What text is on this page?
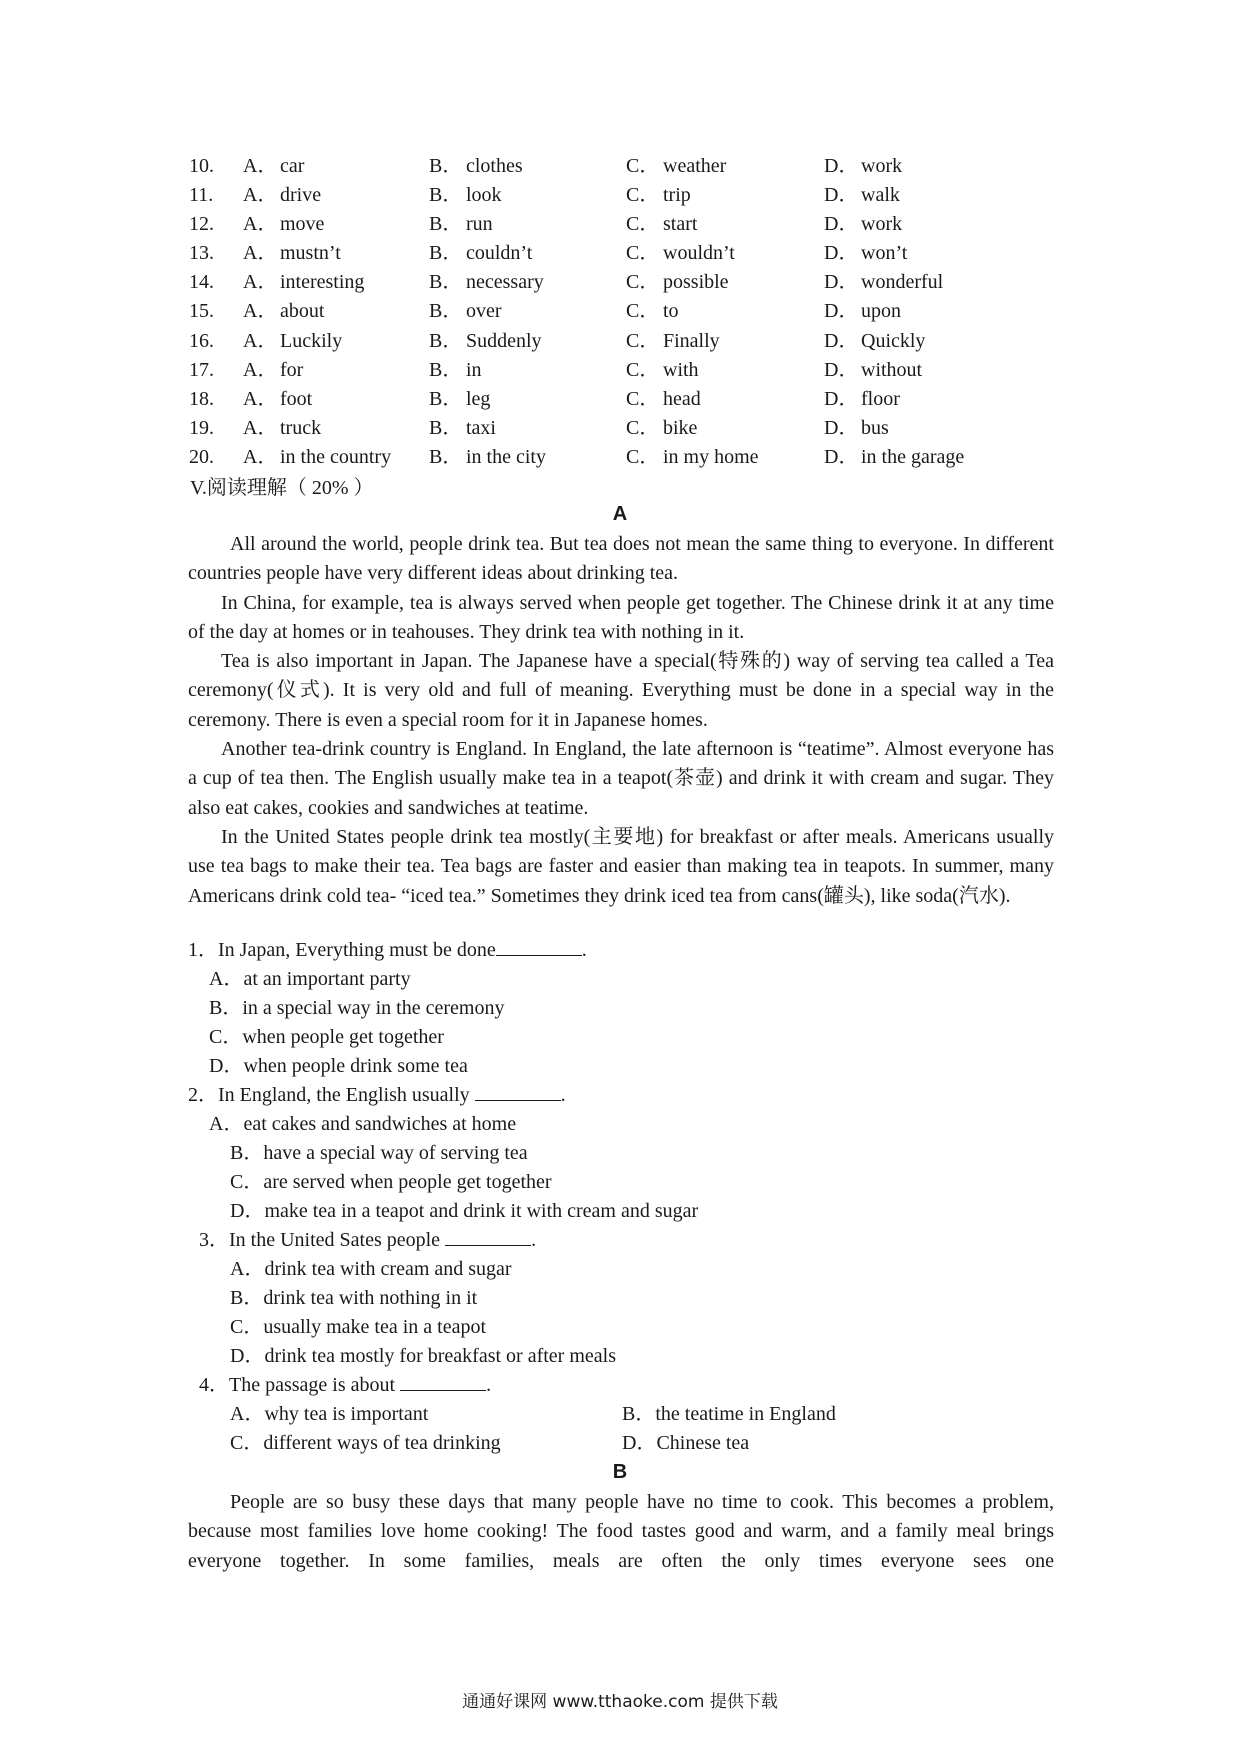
10.	A． car	B． clothes	C． weather	D． work
11.	A． drive	B． look	C． trip	D． walk
12.	A． move	B． run	C． start	D． work
13.	A． mustn’t	B． couldn’t	C． wouldn’t	D． won’t
14.	A． interesting	B． necessary	C． possible	D． wonderful
15.	A． about	B． over	C． to	D． upon
16.	A． Luckily	B． Suddenly	C． Finally	D． Quickly
17.	A． for	B． in	C． with	D． without
18.	A． foot	B． leg	C． head	D． floor
19.	A． truck	B． taxi	C． bike	D． bus
20.	A． in the country	B． in the city	C． in my home	D． in the garage
V.阅读理解（ 20% ）
A

All around the world, people drink tea. But tea does not mean the same thing to everyone. In different countries people have very different ideas about drinking tea.

In China, for example, tea is always served when people get together. The Chinese drink it at any time of the day at homes or in teahouses. They drink tea with nothing in it.

Tea is also important in Japan. The Japanese have a special(特殊的) way of serving tea called a Tea ceremony(仪式). It is very old and full of meaning. Everything must be done in a special way in the ceremony. There is even a special room for it in Japanese homes.

Another tea-drink country is England. In England, the late afternoon is “teatime”. Almost everyone has a cup of tea then. The English usually make tea in a teapot(茶壶) and drink it with cream and sugar. They also eat cakes, cookies and sandwiches at teatime.

In the United States people drink tea mostly(主要地) for breakfast or after meals. Americans usually use tea bags to make their tea. Tea bags are faster and easier than making tea in teapots. In summer, many Americans drink cold tea- “iced tea.” Sometimes they drink iced tea from cans(罐头), like soda(汽水).

1．In Japan, Everything must be done	.
A．at an important party
B．in a special way in the ceremony
C．when people get together
D．when people drink some tea
2．In England, the English usually	.
A．eat cakes and sandwiches at home
B．have a special way of serving tea
C．are served when people get together
D．make tea in a teapot and drink it with cream and sugar
3．In the United Sates people	.
A．drink tea with cream and sugar
B．drink tea with nothing in it
C．usually make tea in a teapot
D．drink tea mostly for breakfast or after meals
4．The passage is about	.
A．why tea is important	B．the teatime in England
C．different ways of tea drinking	D．Chinese tea
B

People are so busy these days that many people have no time to cook. This becomes a problem, because most families love home cooking! The food tastes good and warm, and a family meal brings everyone together. In some families, meals are often the only times everyone sees one

通通好课网 www.tthaoke.com 提供下载
